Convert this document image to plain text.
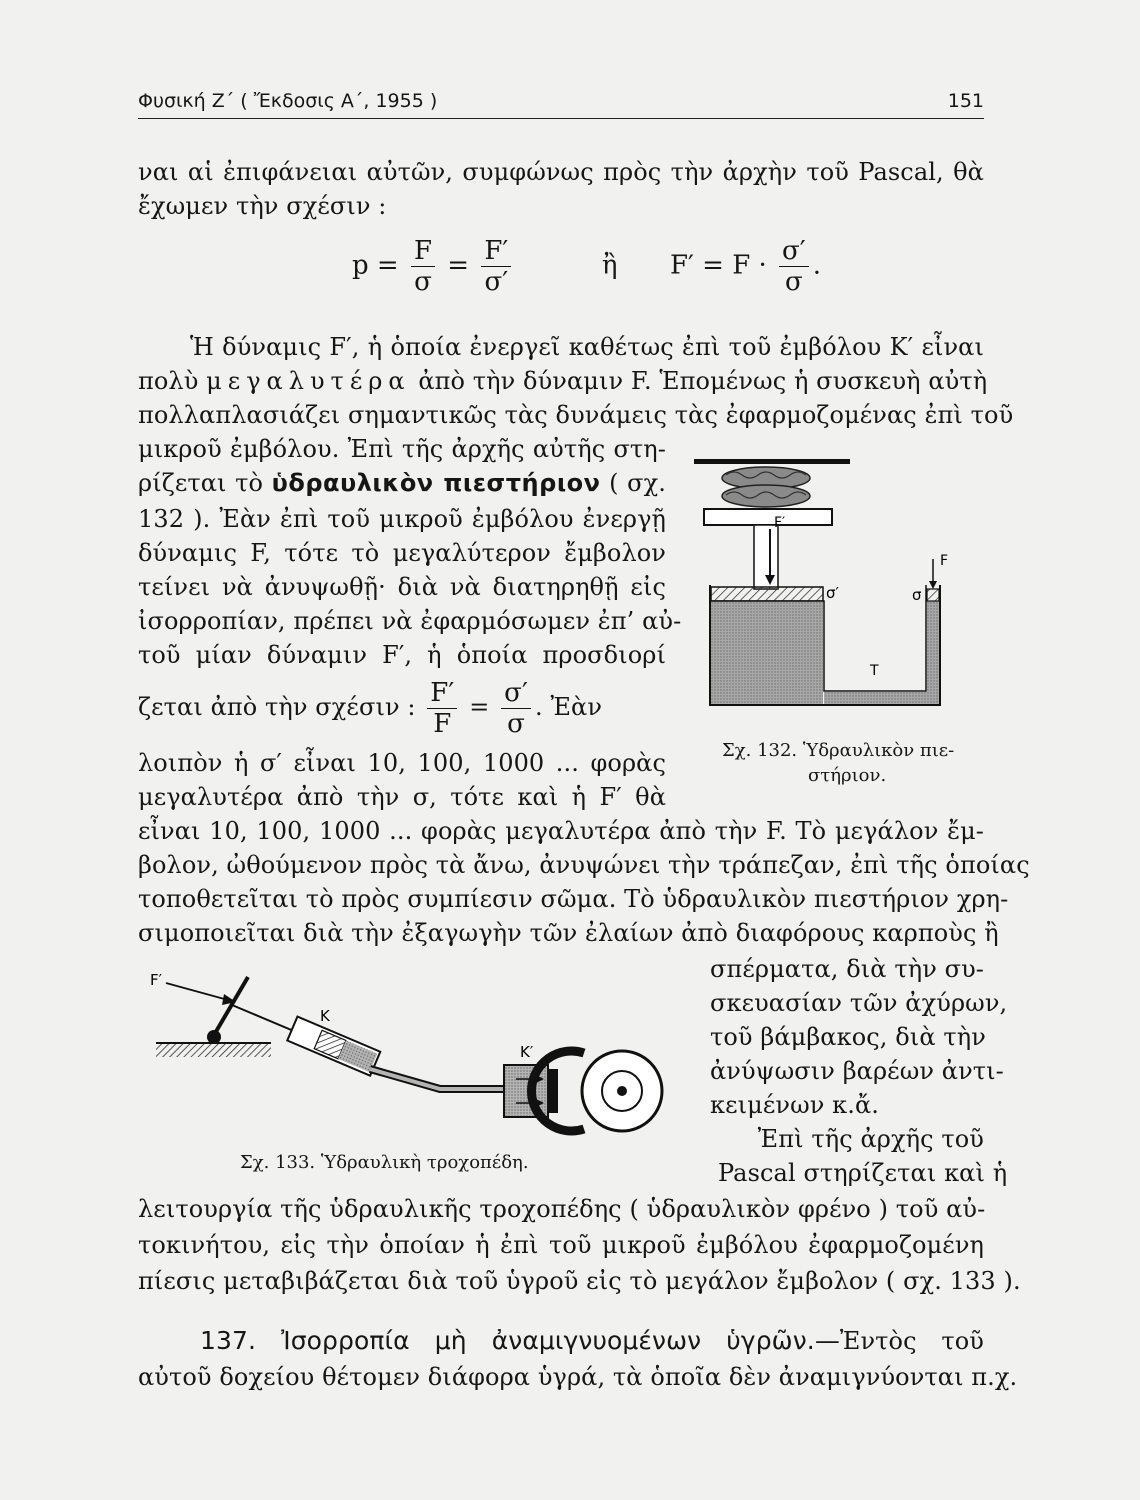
Φυσική Ζ΄ ( Ἔκδοσις Α΄, 1955 )	151
ναι αἱ ἐπιφάνειαι αὐτῶν, συμφώνως πρὸς τὴν ἀρχὴν τοῦ Pascal, θὰ
ἔχωμεν τὴν σχέσιν :
$p = \frac{F}{\sigma} = \frac{F'}{\sigma'}$	ἢ $F' = F \cdot \frac{\sigma'}{\sigma}$ .
Ἡ δύναμις F′, ἡ ὁποία ἐνεργεῖ καθέτως ἐπὶ τοῦ ἐμβόλου Κ′ εἶναι
πολὺ μεγαλυτέρα ἀπὸ τὴν δύναμιν F. Ἑπομένως ἡ συσκευὴ αὐτὴ
πολλαπλασιάζει σημαντικῶς τὰς δυνάμεις τὰς ἐφαρμοζομένας ἐπὶ τοῦ
μικροῦ ἐμβόλου. Ἐπὶ τῆς ἀρχῆς αὐτῆς στη-
ρίζεται τὸ ὑδραυλικὸν πιεστήριον ( σχ.
132 ). Ἐὰν ἐπὶ τοῦ μικροῦ ἐμβόλου ἐνεργῇ
δύναμις F, τότε τὸ μεγαλύτερον ἔμβολον
τείνει νὰ ἀνυψωθῇ· διὰ νὰ διατηρηθῇ εἰς
ἰσορροπίαν, πρέπει νὰ ἐφαρμόσωμεν ἐπ’ αὐ-
τοῦ μίαν δύναμιν F′, ἡ ὁποία προσδιορί
ζεται ἀπὸ τὴν σχέσιν : $\frac{F'}{F} = \frac{\sigma'}{\sigma}$ . Ἐὰν
λοιπὸν ἡ σ′ εἶναι 10, 100, 1000 ... φορὰς
μεγαλυτέρα ἀπὸ τὴν σ, τότε καὶ ἡ F′ θὰ
εἶναι 10, 100, 1000 ... φορὰς μεγαλυτέρα ἀπὸ τὴν F. Τὸ μεγάλον ἔμ-
βολον, ὠθούμενον πρὸς τὰ ἄνω, ἀνυψώνει τὴν τράπεζαν, ἐπὶ τῆς ὁποίας
τοποθετεῖται τὸ πρὸς συμπίεσιν σῶμα. Τὸ ὑδραυλικὸν πιεστήριον χρη-
σιμοποιεῖται διὰ τὴν ἐξαγωγὴν τῶν ἐλαίων ἀπὸ διαφόρους καρποὺς ἢ
σπέρματα, διὰ τὴν συ-
σκευασίαν τῶν ἀχύρων,
τοῦ βάμβακος, διὰ τὴν
ἀνύψωσιν βαρέων ἀντι-
κειμένων κ.ἄ.
Ἐπὶ τῆς ἀρχῆς τοῦ
Pascal στηρίζεται καὶ ἡ
λειτουργία τῆς ὑδραυλικῆς τροχοπέδης ( ὑδραυλικὸν φρένο ) τοῦ αὐ-
τοκινήτου, εἰς τὴν ὁποίαν ἡ ἐπὶ τοῦ μικροῦ ἐμβόλου ἐφαρμοζομένη
πίεσις μεταβιβάζεται διὰ τοῦ ὑγροῦ εἰς τὸ μεγάλον ἔμβολον ( σχ. 133 ).
137. Ἰσορροπία μὴ ἀναμιγνυομένων ὑγρῶν.—Ἐντὸς τοῦ
αὐτοῦ δοχείου θέτομεν διάφορα ὑγρά, τὰ ὁποῖα δὲν ἀναμιγνύονται π.χ.
F′
F
σ′	σ
T
Σχ. 132. Ὑδραυλικὸν πιε-
στήριον.
F′
K
K′
Σχ. 133. Ὑδραυλικὴ τροχοπέδη.
